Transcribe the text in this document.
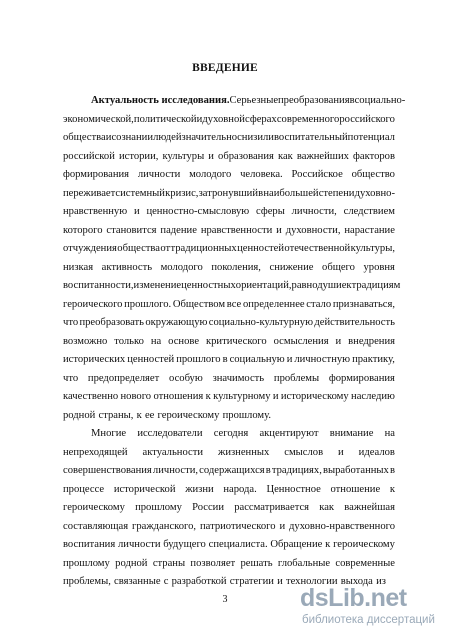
ВВЕДЕНИЕ
Актуальность исследования. Серьезные преобразования в социально-
экономической, политической и духовной сферах современного российского
общества и сознании людей значительно снизили воспитательный потенциал
российской истории, культуры и образования как важнейших факторов
формирования личности молодого человека. Российское общество
переживает системный кризис, затронувший в наибольшей степени духовно-
нравственную и ценностно-смысловую сферы личности, следствием
которого становится падение нравственности и духовности, нарастание
отчуждения общества от традиционных ценностей отечественной культуры,
низкая активность молодого поколения, снижение общего уровня
воспитанности, изменение ценностных ориентаций, равнодушие к традициям
героического прошлого. Обществом все определеннее стало признаваться,
что преобразовать окружающую социально-культурную действительность
возможно только на основе критического осмысления и внедрения
исторических ценностей прошлого в социальную и личностную практику,
что предопределяет особую значимость проблемы формирования
качественно нового отношения к культурному и историческому наследию
родной страны, к ее героическому прошлому.
Многие исследователи сегодня акцентируют внимание на
непреходящей актуальности жизненных смыслов и идеалов
совершенствования личности, содержащихся в традициях, выработанных в
процессе исторической жизни народа. Ценностное отношение к
героическому прошлому России рассматривается как важнейшая
составляющая гражданского, патриотического и духовно-нравственного
воспитания личности будущего специалиста. Обращение к героическому
прошлому родной страны позволяет решать глобальные современные
проблемы, связанные с разработкой стратегии и технологии выхода из
3	dsLib.net
библиотека диссертаций
